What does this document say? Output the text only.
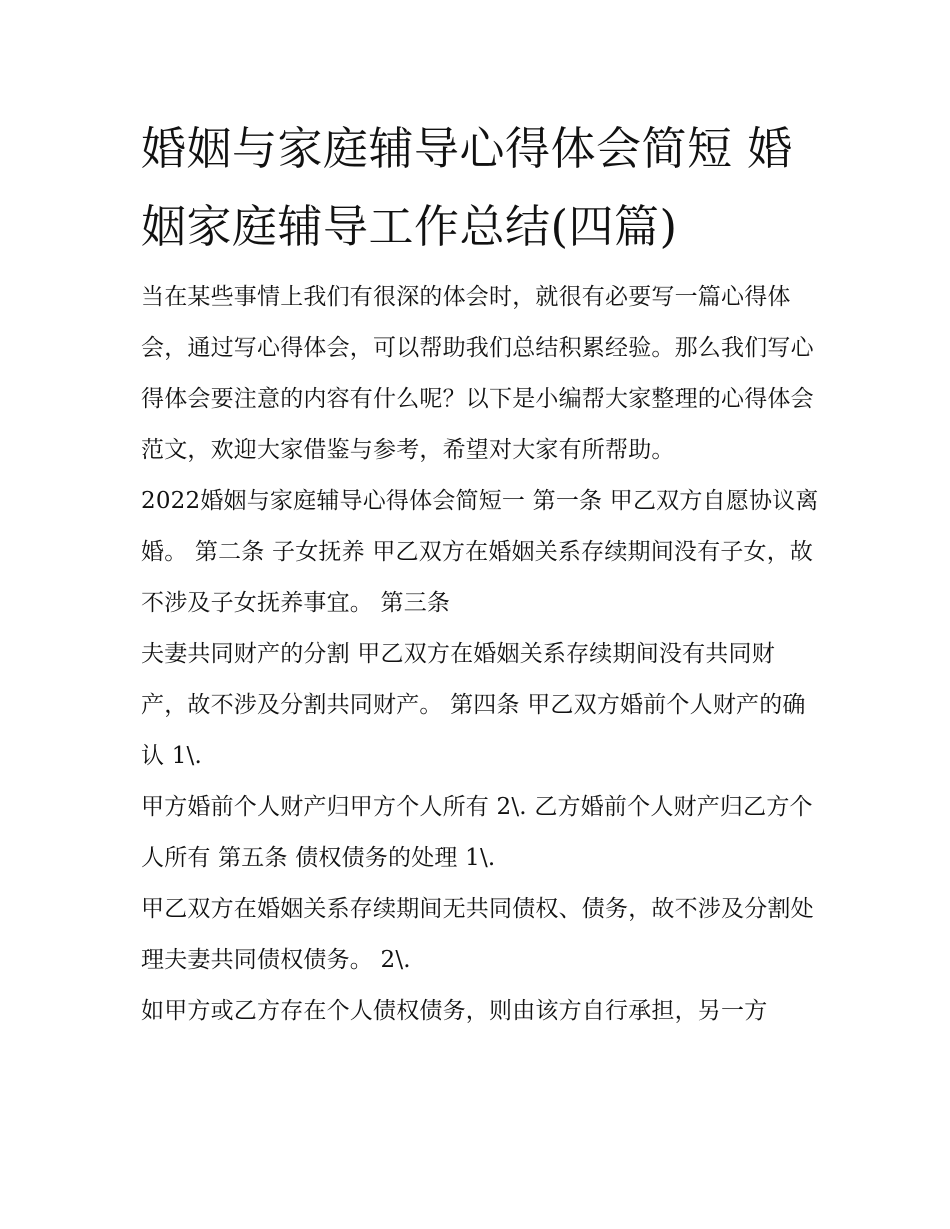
婚姻与家庭辅导心得体会简短 婚姻家庭辅导工作总结(四篇)

当在某些事情上我们有很深的体会时，就很有必要写一篇心得体会，通过写心得体会，可以帮助我们总结积累经验。那么我们写心得体会要注意的内容有什么呢？以下是小编帮大家整理的心得体会范文，欢迎大家借鉴与参考，希望对大家有所帮助。

2022婚姻与家庭辅导心得体会简短一 第一条 甲乙双方自愿协议离婚。 第二条 子女抚养 甲乙双方在婚姻关系存续期间没有子女，故不涉及子女抚养事宜。 第三条

夫妻共同财产的分割 甲乙双方在婚姻关系存续期间没有共同财产，故不涉及分割共同财产。 第四条 甲乙双方婚前个人财产的确认 1\.

甲方婚前个人财产归甲方个人所有 2\. 乙方婚前个人财产归乙方个人所有 第五条 债权债务的处理 1\.

甲乙双方在婚姻关系存续期间无共同债权、债务，故不涉及分割处理夫妻共同债权债务。 2\.

如甲方或乙方存在个人债权债务，则由该方自行承担，另一方
